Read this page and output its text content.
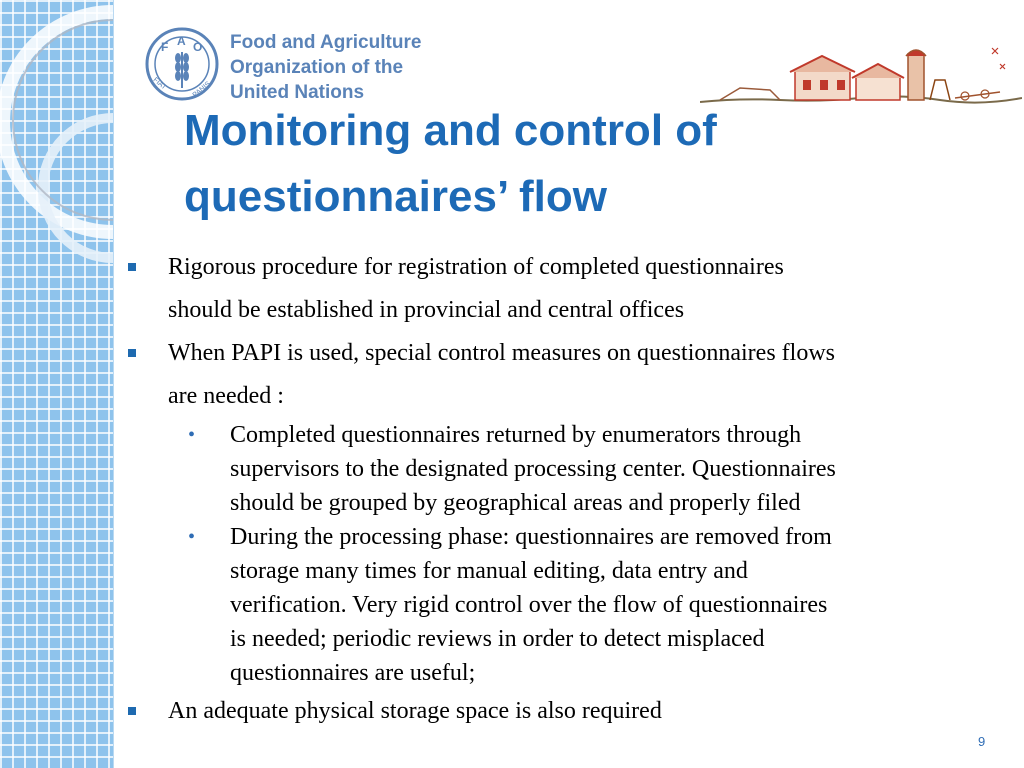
F A O
FIAT	PANIS
Food and Agriculture
Organization of the
United Nations
Monitoring and control of
questionnaires’ flow

Rigorous procedure for registration of completed questionnaires

should be established in provincial and central offices

When PAPI is used, special control measures on questionnaires flows

are needed :

• Completed questionnaires returned by enumerators through

supervisors to the designated processing center. Questionnaires

should be grouped by geographical areas and properly filed

• During the processing phase: questionnaires are removed from

storage many times for manual editing, data entry and

verification. Very rigid control over the flow of questionnaires

is needed; periodic reviews in order to detect misplaced

questionnaires are useful;

An adequate physical storage space is also required

9
